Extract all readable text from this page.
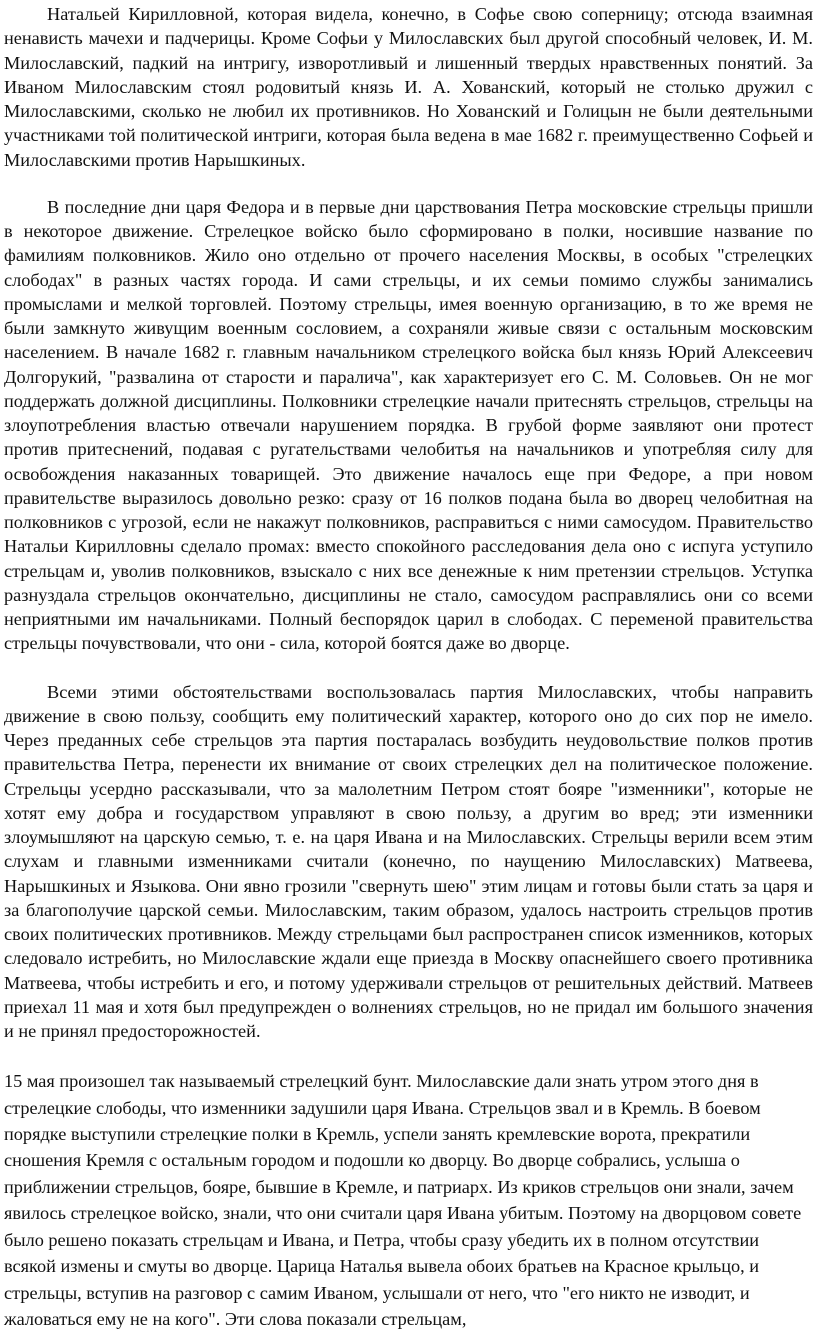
Натальей Кирилловной, которая видела, конечно, в Софье свою соперницу; отсюда взаимная ненависть мачехи и падчерицы. Кроме Софьи у Милославских был другой способный человек, И. М. Милославский, падкий на интригу, изворотливый и лишенный твердых нравственных понятий. За Иваном Милославским стоял родовитый князь И. А. Хованский, который не столько дружил с Милославскими, сколько не любил их противников. Но Хованский и Голицын не были деятельными участниками той политической интриги, которая была ведена в мае 1682 г. преимущественно Софьей и Милославскими против Нарышкиных.

В последние дни царя Федора и в первые дни царствования Петра московские стрельцы пришли в некоторое движение. Стрелецкое войско было сформировано в полки, носившие название по фамилиям полковников. Жило оно отдельно от прочего населения Москвы, в особых "стрелецких слободах" в разных частях города. И сами стрельцы, и их семьи помимо службы занимались промыслами и мелкой торговлей. Поэтому стрельцы, имея военную организацию, в то же время не были замкнуто живущим военным сословием, а сохраняли живые связи с остальным московским населением. В начале 1682 г. главным начальником стрелецкого войска был князь Юрий Алексеевич Долгорукий, "развалина от старости и паралича", как характеризует его С. М. Соловьев. Он не мог поддержать должной дисциплины. Полковники стрелецкие начали притеснять стрельцов, стрельцы на злоупотребления властью отвечали нарушением порядка. В грубой форме заявляют они протест против притеснений, подавая с ругательствами челобитья на начальников и употребляя силу для освобождения наказанных товарищей. Это движение началось еще при Федоре, а при новом правительстве выразилось довольно резко: сразу от 16 полков подана была во дворец челобитная на полковников с угрозой, если не накажут полковников, расправиться с ними самосудом. Правительство Натальи Кирилловны сделало промах: вместо спокойного расследования дела оно с испуга уступило стрельцам и, уволив полковников, взыскало с них все денежные к ним претензии стрельцов. Уступка разнуздала стрельцов окончательно, дисциплины не стало, самосудом расправлялись они со всеми неприятными им начальниками. Полный беспорядок царил в слободах. С переменой правительства стрельцы почувствовали, что они - сила, которой боятся даже во дворце.

Всеми этими обстоятельствами воспользовалась партия Милославских, чтобы направить движение в свою пользу, сообщить ему политический характер, которого оно до сих пор не имело. Через преданных себе стрельцов эта партия постаралась возбудить неудовольствие полков против правительства Петра, перенести их внимание от своих стрелецких дел на политическое положение. Стрельцы усердно рассказывали, что за малолетним Петром стоят бояре "изменники", которые не хотят ему добра и государством управляют в свою пользу, а другим во вред; эти изменники злоумышляют на царскую семью, т. е. на царя Ивана и на Милославских. Стрельцы верили всем этим слухам и главными изменниками считали (конечно, по наущению Милославских) Матвеева, Нарышкиных и Языкова. Они явно грозили "свернуть шею" этим лицам и готовы были стать за царя и за благополучие царской семьи. Милославским, таким образом, удалось настроить стрельцов против своих политических противников. Между стрельцами был распространен список изменников, которых следовало истребить, но Милославские ждали еще приезда в Москву опаснейшего своего противника Матвеева, чтобы истребить и его, и потому удерживали стрельцов от решительных действий. Матвеев приехал 11 мая и хотя был предупрежден о волнениях стрельцов, но не придал им большого значения и не принял предосторожностей.

15 мая произошел так называемый стрелецкий бунт. Милославские дали знать утром этого дня в стрелецкие слободы, что изменники задушили царя Ивана. Стрельцов звал и в Кремль. В боевом порядке выступили стрелецкие полки в Кремль, успели занять кремлевские ворота, прекратили сношения Кремля с остальным городом и подошли ко дворцу. Во дворце собрались, услыша о приближении стрельцов, бояре, бывшие в Кремле, и патриарх. Из криков стрельцов они знали, зачем явилось стрелецкое войско, знали, что они считали царя Ивана убитым. Поэтому на дворцовом совете было решено показать стрельцам и Ивана, и Петра, чтобы сразу убедить их в полном отсутствии всякой измены и смуты во дворце. Царица Наталья вывела обоих братьев на Красное крыльцо, и стрельцы, вступив на разговор с самим Иваном, услышали от него, что "его никто не изводит, и жаловаться ему не на кого". Эти слова показали стрельцам,
